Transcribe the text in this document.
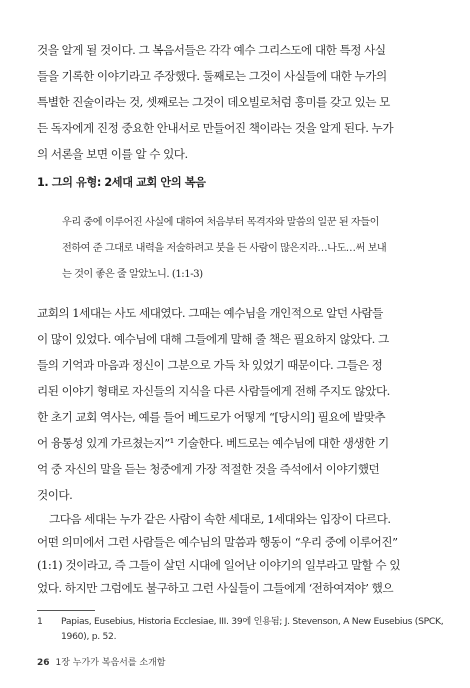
것을 알게 될 것이다. 그 복음서들은 각각 예수 그리스도에 대한 특정 사실
들을 기록한 이야기라고 주장했다. 둘째로는 그것이 사실들에 대한 누가의
특별한 진술이라는 것, 셋째로는 그것이 데오빌로처럼 흥미를 갖고 있는 모
든 독자에게 진정 중요한 안내서로 만들어진 책이라는 것을 알게 된다. 누가
의 서론을 보면 이를 알 수 있다.
1. 그의 유형: 2세대 교회 안의 복음
우리 중에 이루어진 사실에 대하여 처음부터 목격자와 말씀의 일꾼 된 자들이
전하여 준 그대로 내력을 저술하려고 붓을 든 사람이 많은지라…나도…써 보내
는 것이 좋은 줄 알았노니. (1:1-3)
교회의 1세대는 사도 세대였다. 그때는 예수님을 개인적으로 알던 사람들
이 많이 있었다. 예수님에 대해 그들에게 말해 줄 책은 필요하지 않았다. 그
들의 기억과 마음과 정신이 그분으로 가득 차 있었기 때문이다. 그들은 정
리된 이야기 형태로 자신들의 지식을 다른 사람들에게 전해 주지도 않았다.
한 초기 교회 역사는, 예를 들어 베드로가 어떻게 “[당시의] 필요에 발맞추
어 융통성 있게 가르쳤는지”¹ 기술한다. 베드로는 예수님에 대한 생생한 기
억 중 자신의 말을 듣는 청중에게 가장 적절한 것을 즉석에서 이야기했던
것이다.
그다음 세대는 누가 같은 사람이 속한 세대로, 1세대와는 입장이 다르다.
어떤 의미에서 그런 사람들은 예수님의 말씀과 행동이 “우리 중에 이루어진”
(1:1) 것이라고, 즉 그들이 살던 시대에 일어난 이야기의 일부라고 말할 수 있
었다. 하지만 그럼에도 불구하고 그런 사실들이 그들에게 ‘전하여져야’ 했으
1 Papias, Eusebius, Historia Ecclesiae, III. 39에 인용됨; J. Stevenson, A New Eusebius (SPCK,
1960), p. 52.
26 1장 누가가 복음서를 소개함
